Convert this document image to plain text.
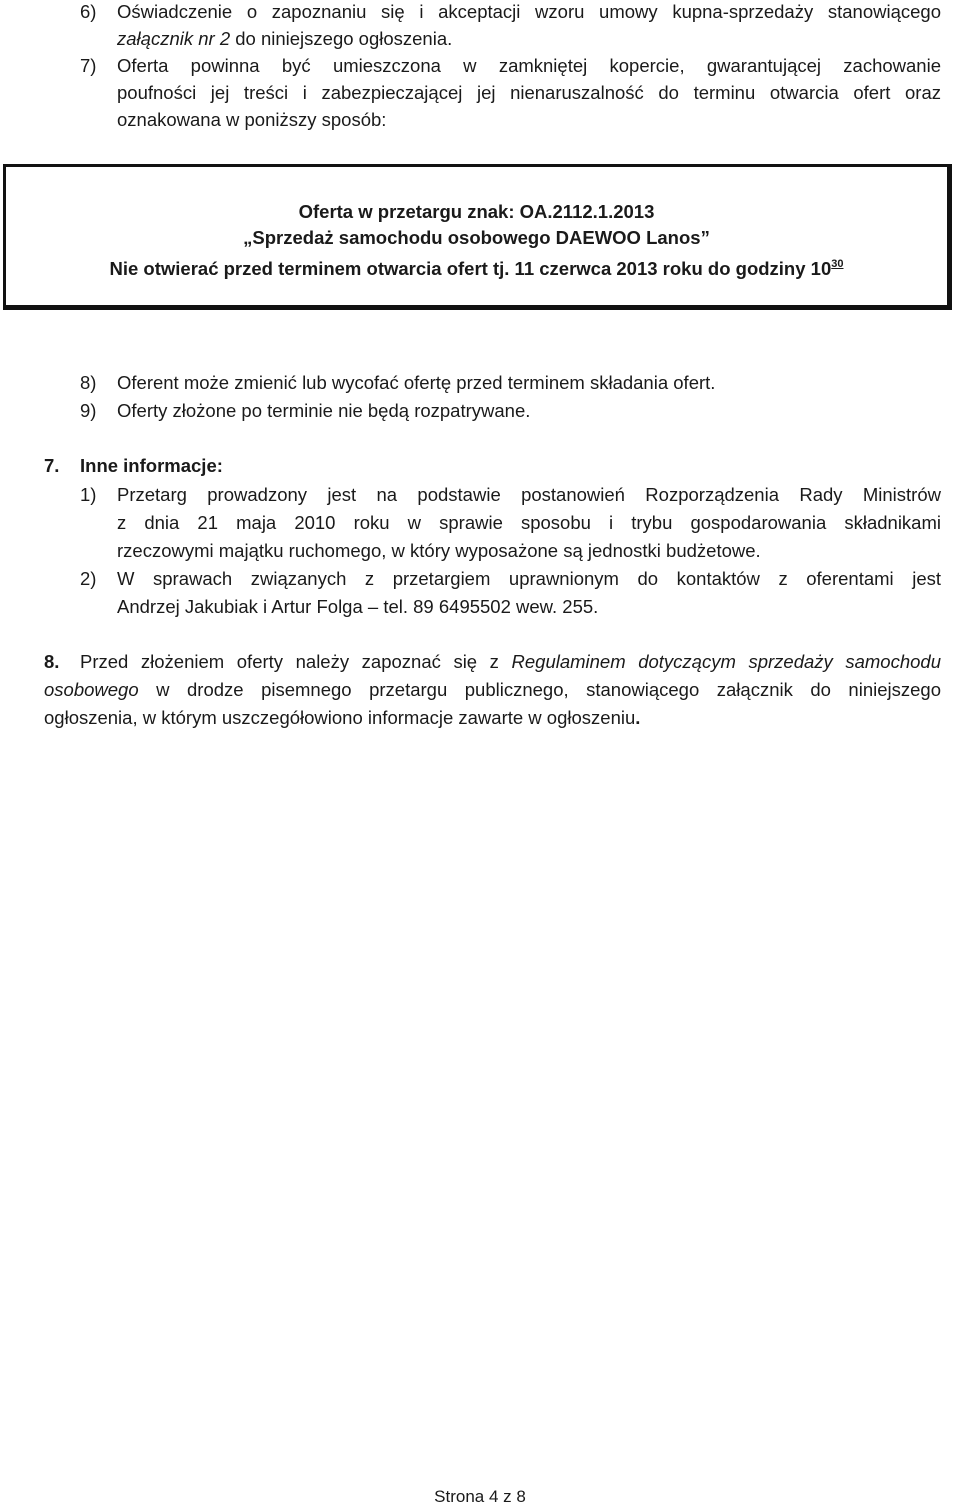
6) Oświadczenie o zapoznaniu się i akceptacji wzoru umowy kupna-sprzedaży stanowiącego
załącznik nr 2 do niniejszego ogłoszenia.
7) Oferta powinna być umieszczona w zamkniętej kopercie, gwarantującej zachowanie
poufności jej treści i zabezpieczającej jej nienaruszalność do terminu otwarcia ofert oraz
oznakowana w poniższy sposób:
Oferta w przetargu znak: OA.2112.1.2013
„Sprzedaż samochodu osobowego DAEWOO Lanos”
Nie otwierać przed terminem otwarcia ofert tj. 11 czerwca 2013 roku do godziny $10^{30}$
8) Oferent może zmienić lub wycofać ofertę przed terminem składania ofert.
9) Oferty złożone po terminie nie będą rozpatrywane.
7. Inne informacje:
1) Przetarg prowadzony jest na podstawie postanowień Rozporządzenia Rady Ministrów
z dnia 21 maja 2010 roku w sprawie sposobu i trybu gospodarowania składnikami
rzeczowymi majątku ruchomego, w który wyposażone są jednostki budżetowe.
2) W sprawach związanych z przetargiem uprawnionym do kontaktów z oferentami jest
Andrzej Jakubiak i Artur Folga – tel. 89 6495502 wew. 255.
8. Przed złożeniem oferty należy zapoznać się z Regulaminem dotyczącym sprzedaży samochodu
osobowego w drodze pisemnego przetargu publicznego, stanowiącego załącznik do niniejszego
ogłoszenia, w którym uszczegółowiono informacje zawarte w ogłoszeniu.
Strona 4 z 8
